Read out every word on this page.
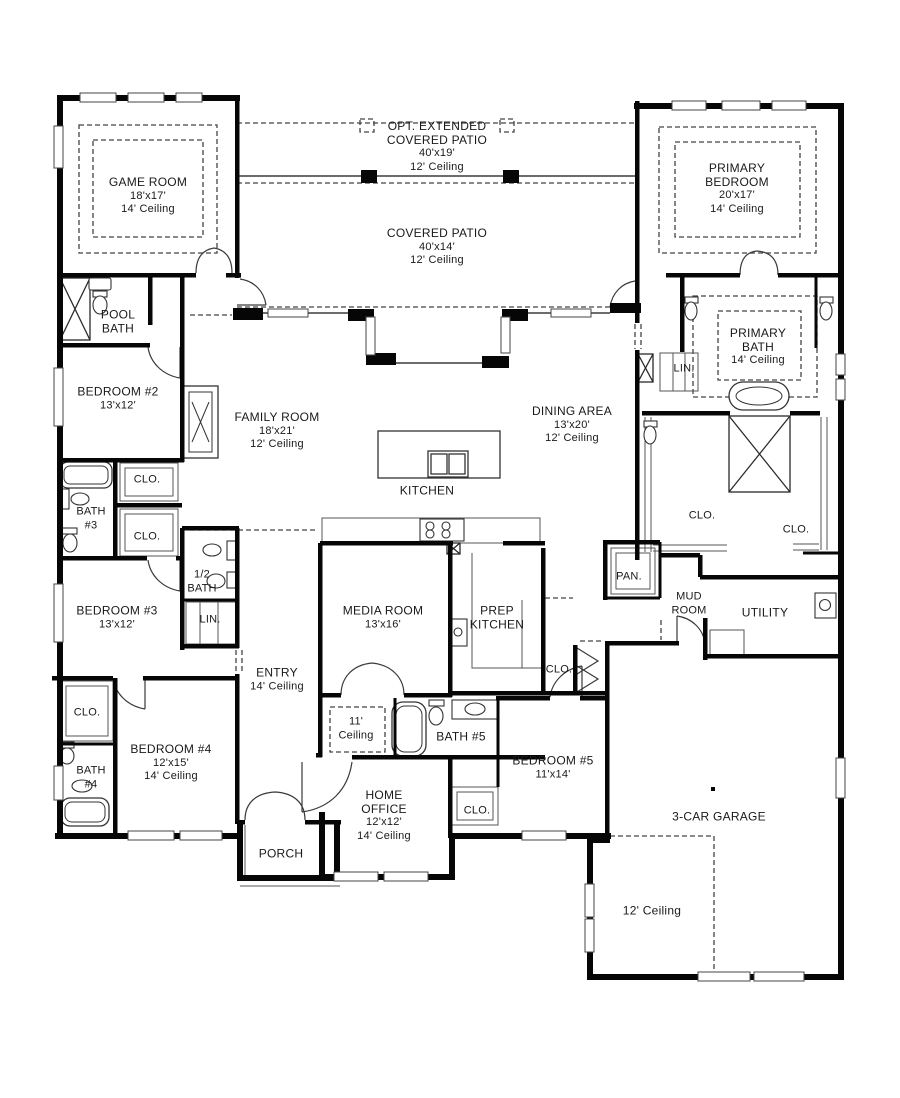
GAME ROOM
18'x17'
14' Ceiling
OPT. EXTENDED
COVERED PATIO
40'x19'
12' Ceiling	PRIMARY
BEDROOM
20'x17'
14' Ceiling
COVERED PATIO
40'x14'
12' Ceiling
POOL
BATH	PRIMARY
BATH
14' Ceiling
LIN.
BEDROOM #2
13'x12'
FAMILY ROOM
18'x21'
12' Ceiling
DINING AREA
13'x20'
12' Ceiling
CLO.
BATH
#3
CLO.
KITCHEN
1/2
BATH
MEDIA ROOM
13'x16'
PREP
KITCHEN
PAN.
MUD
ROOM	UTILITY
CLO.
CLO.
BEDROOM #3
13'x12'	LIN.
ENTRY
14' Ceiling
CLO.
CLO.
11'
Ceiling	BATH #5
BEDROOM #5
11'x14'
BATH
#4
BEDROOM #4
12'x15'
14' Ceiling
HOME
OFFICE
12'x12'
14' Ceiling
CLO.
PORCH
3-CAR GARAGE
12' Ceiling
